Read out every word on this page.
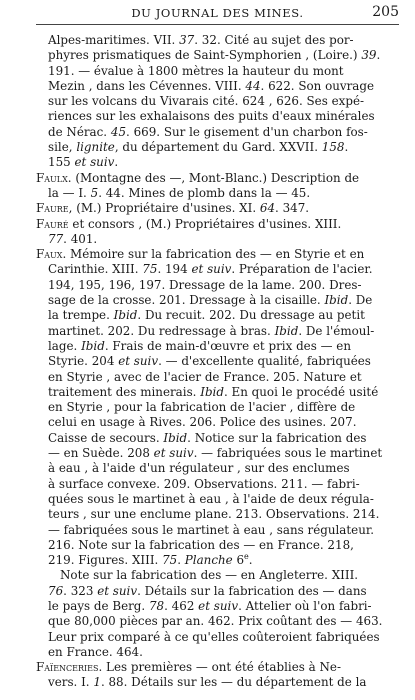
DU JOURNAL DES MINES.	205
Alpes-maritimes. VII. 37. 32. Cité au sujet des por-
phyres prismatiques de Saint-Symphorien , (Loire.) 39.
191. — évalue à 1800 mètres la hauteur du mont
Mezin , dans les Cévennes. VIII. 44. 622. Son ouvrage
sur les volcans du Vivarais cité. 624 , 626. Ses expé-
riences sur les exhalaisons des puits d'eaux minérales
de Nérac. 45. 669. Sur le gisement d'un charbon fos-
sile, lignite, du département du Gard. XXVII. 158.
155 et suiv.
Faulx. (Montagne des —, Mont-Blanc.) Description de
la — I. 5. 44. Mines de plomb dans la — 45.
Faure, (M.) Propriétaire d'usines. XI. 64. 347.
Fauré et consors , (M.) Propriétaires d'usines. XIII.
77. 401.
Faux. Mémoire sur la fabrication des — en Styrie et en
Carinthie. XIII. 75. 194 et suiv. Préparation de l'acier.
194, 195, 196, 197. Dressage de la lame. 200. Dres-
sage de la crosse. 201. Dressage à la cisaille. Ibid. De
la trempe. Ibid. Du recuit. 202. Du dressage au petit
martinet. 202. Du redressage à bras. Ibid. De l'émoul-
lage. Ibid. Frais de main-d'œuvre et prix des — en
Styrie. 204 et suiv. — d'excellente qualité, fabriquées
en Styrie , avec de l'acier de France. 205. Nature et
traitement des minerais. Ibid. En quoi le procédé usité
en Styrie , pour la fabrication de l'acier , diffère de
celui en usage à Rives. 206. Police des usines. 207.
Caisse de secours. Ibid. Notice sur la fabrication des
— en Suède. 208 et suiv. — fabriquées sous le martinet
à eau , à l'aide d'un régulateur , sur des enclumes
à surface convexe. 209. Observations. 211. — fabri-
quées sous le martinet à eau , à l'aide de deux régula-
teurs , sur une enclume plane. 213. Observations. 214.
— fabriquées sous le martinet à eau , sans régulateur.
216. Note sur la fabrication des — en France. 218,
219. Figures. XIII. 75. Planche 6e.
Note sur la fabrication des — en Angleterre. XIII.
76. 323 et suiv. Détails sur la fabrication des — dans
le pays de Berg. 78. 462 et suiv. Attelier où l'on fabri-
que 80,000 pièces par an. 462. Prix coûtant des — 463.
Leur prix comparé à ce qu'elles coûteroient fabriquées
en France. 464.
Faïenceries. Les premières — ont été établies à Ne-
vers. I. 1. 88. Détails sur les — du département de la
